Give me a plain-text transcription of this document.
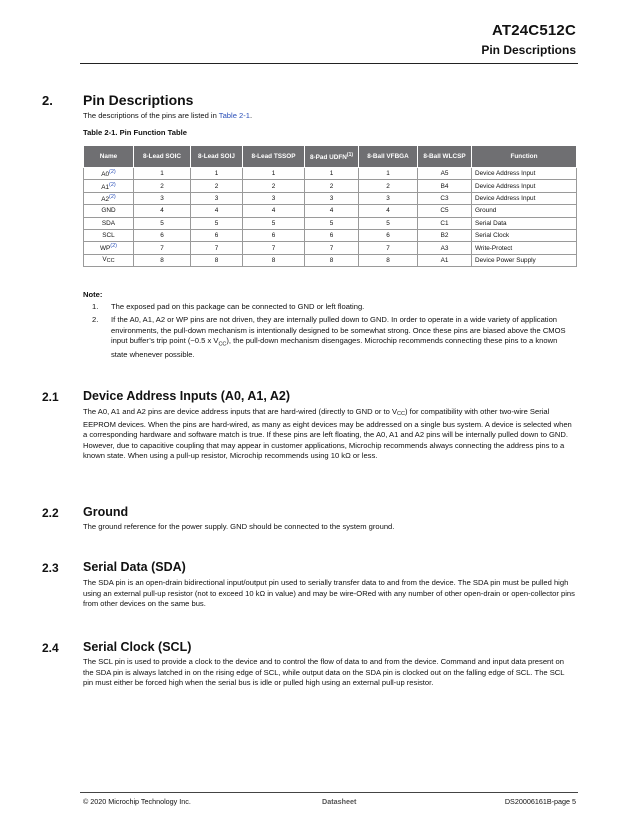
AT24C512C
Pin Descriptions
2. Pin Descriptions
The descriptions of the pins are listed in Table 2-1.
Table 2-1. Pin Function Table
Name	8-Lead SOIC	8-Lead SOIJ	8-Lead TSSOP	8-Pad UDFN$^{(1)}$	8-Ball VFBGA	8-Ball WLCSP	Function
A0$^{(2)}$	1	1	1	1	1	A5	Device Address Input
A1$^{(2)}$	2	2	2	2	2	B4	Device Address Input
A2$^{(2)}$	3	3	3	3	3	C3	Device Address Input
GND	4	4	4	4	4	C5	Ground
SDA	5	5	5	5	5	C1	Serial Data
SCL	6	6	6	6	6	B2	Serial Clock
WP$^{(2)}$	7	7	7	7	7	A3	Write-Protect
$V_{CC}$	8	8	8	8	8	A1	Device Power Supply
Note:
1. The exposed pad on this package can be connected to GND or left floating.
2. If the A0, A1, A2 or WP pins are not driven, they are internally pulled down to GND. In order to operate in a wide variety of application environments, the pull-down mechanism is intentionally designed to be somewhat strong. Once these pins are biased above the CMOS input buffer’s trip point (~0.5 x $V_{CC}$), the pull-down mechanism disengages. Microchip recommends connecting these pins to a known state whenever possible.
2.1 Device Address Inputs (A0, A1, A2)
The A0, A1 and A2 pins are device address inputs that are hard-wired (directly to GND or to $V_{CC}$) for compatibility with other two-wire Serial EEPROM devices. When the pins are hard-wired, as many as eight devices may be addressed on a single bus system. A device is selected when a corresponding hardware and software match is true. If these pins are left floating, the A0, A1 and A2 pins will be internally pulled down to GND. However, due to capacitive coupling that may appear in customer applications, Microchip recommends always connecting the address pins to a known state. When using a pull-up resistor, Microchip recommends using 10 kΩ or less.
2.2 Ground
The ground reference for the power supply. GND should be connected to the system ground.
2.3 Serial Data (SDA)
The SDA pin is an open-drain bidirectional input/output pin used to serially transfer data to and from the device. The SDA pin must be pulled high using an external pull-up resistor (not to exceed 10 kΩ in value) and may be wire-ORed with any number of other open-drain or open-collector pins from other devices on the same bus.
2.4 Serial Clock (SCL)
The SCL pin is used to provide a clock to the device and to control the flow of data to and from the device. Command and input data present on the SDA pin is always latched in on the rising edge of SCL, while output data on the SDA pin is clocked out on the falling edge of SCL. The SCL pin must either be forced high when the serial bus is idle or pulled high using an external pull-up resistor.
© 2020 Microchip Technology Inc.	Datasheet	DS20006161B-page 5
